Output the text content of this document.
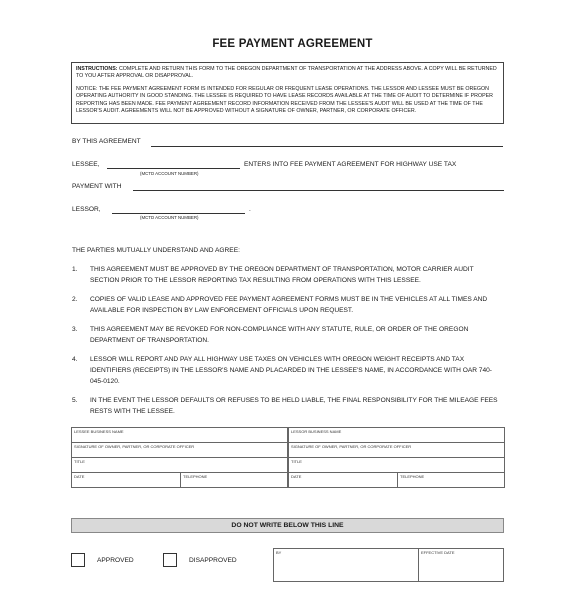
FEE PAYMENT AGREEMENT

INSTRUCTIONS: COMPLETE AND RETURN THIS FORM TO THE OREGON DEPARTMENT OF TRANSPORTATION AT THE ADDRESS ABOVE. A COPY WILL BE RETURNED TO YOU AFTER APPROVAL OR DISAPPROVAL.

NOTICE: THE FEE PAYMENT AGREEMENT FORM IS INTENDED FOR REGULAR OR FREQUENT LEASE OPERATIONS. THE LESSOR AND LESSEE MUST BE OREGON OPERATING AUTHORITY IN GOOD STANDING. THE LESSEE IS REQUIRED TO HAVE LEASE RECORDS AVAILABLE AT THE TIME OF AUDIT TO DETERMINE IF PROPER REPORTING HAS BEEN MADE. FEE PAYMENT AGREEMENT RECORD INFORMATION RECEIVED FROM THE LESSEE'S AUDIT WILL BE USED AT THE TIME OF THE LESSOR'S AUDIT. AGREEMENTS WILL NOT BE APPROVED WITHOUT A SIGNATURE OF OWNER, PARTNER, OR CORPORATE OFFICER.

BY THIS AGREEMENT
LESSEE,	ENTERS INTO FEE PAYMENT AGREEMENT FOR HIGHWAY USE TAX
(MCTD ACCOUNT NUMBER)
PAYMENT WITH
LESSOR,	.
(MCTD ACCOUNT NUMBER)
THE PARTIES MUTUALLY UNDERSTAND AND AGREE:
1.	THIS AGREEMENT MUST BE APPROVED BY THE OREGON DEPARTMENT OF TRANSPORTATION, MOTOR CARRIER AUDIT SECTION PRIOR TO THE LESSOR REPORTING TAX RESULTING FROM OPERATIONS WITH THIS LESSEE.
2.	COPIES OF VALID LEASE AND APPROVED FEE PAYMENT AGREEMENT FORMS MUST BE IN THE VEHICLES AT ALL TIMES AND AVAILABLE FOR INSPECTION BY LAW ENFORCEMENT OFFICIALS UPON REQUEST.
3.	THIS AGREEMENT MAY BE REVOKED FOR NON-COMPLIANCE WITH ANY STATUTE, RULE, OR ORDER OF THE OREGON DEPARTMENT OF TRANSPORTATION.
4.	LESSOR WILL REPORT AND PAY ALL HIGHWAY USE TAXES ON VEHICLES WITH OREGON WEIGHT RECEIPTS AND TAX IDENTIFIERS (RECEIPTS) IN THE LESSOR'S NAME AND PLACARDED IN THE LESSEE'S NAME, IN ACCORDANCE WITH OAR 740-045-0120.
5.	IN THE EVENT THE LESSOR DEFAULTS OR REFUSES TO BE HELD LIABLE, THE FINAL RESPONSIBILITY FOR THE MILEAGE FEES RESTS WITH THE LESSEE.
LESSEE BUSINESS NAME
SIGNATURE OF OWNER, PARTNER, OR CORPORATE OFFICER
TITLE
DATE	TELEPHONE
LESSOR BUSINESS NAME
SIGNATURE OF OWNER, PARTNER, OR CORPORATE OFFICER
TITLE
DATE	TELEPHONE
DO NOT WRITE BELOW THIS LINE
APPROVED	DISAPPROVED
BY	EFFECTIVE DATE
